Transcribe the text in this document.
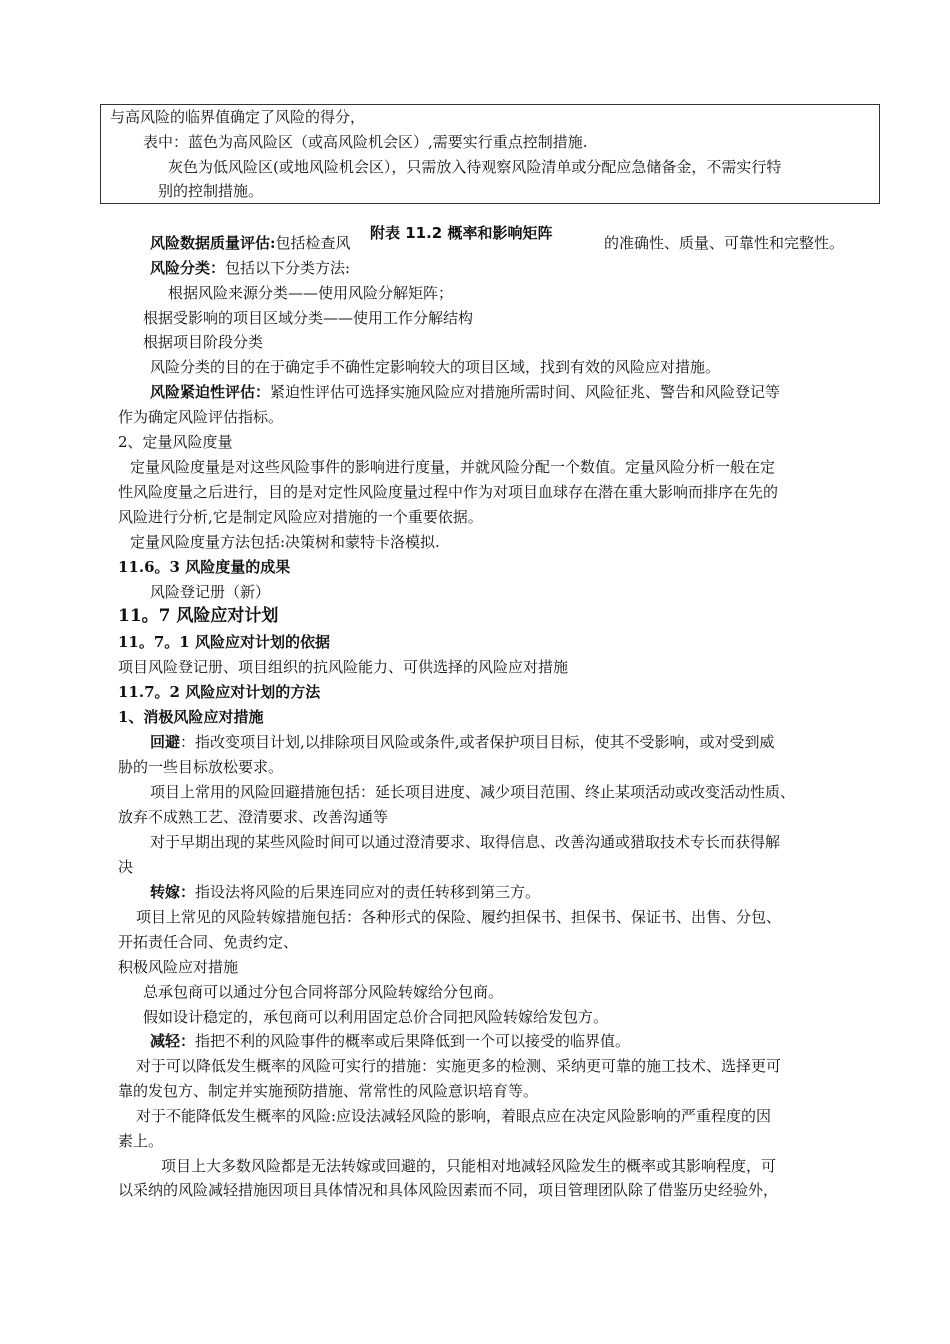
与高风险的临界值确定了风险的得分，
表中：蓝色为高风险区（或高风险机会区）,需要实行重点控制措施.
灰色为低风险区(或地风险机会区），只需放入待观察风险清单或分配应急储备金，不需实行特
别的控制措施。
风险数据质量评估:包括检查风	的准确性、质量、可靠性和完整性。
附表 11.2 概率和影响矩阵
风险分类：包括以下分类方法:
根据风险来源分类——使用风险分解矩阵；
根据受影响的项目区域分类——使用工作分解结构
根据项目阶段分类
风险分类的目的在于确定手不确性定影响较大的项目区域，找到有效的风险应对措施。
风险紧迫性评估：紧迫性评估可选择实施风险应对措施所需时间、风险征兆、警告和风险登记等
作为确定风险评估指标。
2、定量风险度量
定量风险度量是对这些风险事件的影响进行度量，并就风险分配一个数值。定量风险分析一般在定
性风险度量之后进行，目的是对定性风险度量过程中作为对项目血球存在潜在重大影响而排序在先的
风险进行分析,它是制定风险应对措施的一个重要依据。
定量风险度量方法包括:决策树和蒙特卡洛模拟.
11.6。3 风险度量的成果
风险登记册（新）
11。7 风险应对计划
11。7。1 风险应对计划的依据
项目风险登记册、项目组织的抗风险能力、可供选择的风险应对措施
11.7。2 风险应对计划的方法
1、消极风险应对措施
回避：指改变项目计划,以排除项目风险或条件,或者保护项目目标，使其不受影响，或对受到威
胁的一些目标放松要求。
项目上常用的风险回避措施包括：延长项目进度、减少项目范围、终止某项活动或改变活动性质、
放弃不成熟工艺、澄清要求、改善沟通等
对于早期出现的某些风险时间可以通过澄清要求、取得信息、改善沟通或猎取技术专长而获得解
决
转嫁：指设法将风险的后果连同应对的责任转移到第三方。
项目上常见的风险转嫁措施包括：各种形式的保险、履约担保书、担保书、保证书、出售、分包、
开拓责任合同、免责约定、
积极风险应对措施
总承包商可以通过分包合同将部分风险转嫁给分包商。
假如设计稳定的，承包商可以利用固定总价合同把风险转嫁给发包方。
减轻：指把不利的风险事件的概率或后果降低到一个可以接受的临界值。
对于可以降低发生概率的风险可实行的措施：实施更多的检测、采纳更可靠的施工技术、选择更可
靠的发包方、制定并实施预防措施、常常性的风险意识培育等。
对于不能降低发生概率的风险:应设法减轻风险的影响，着眼点应在决定风险影响的严重程度的因
素上。
项目上大多数风险都是无法转嫁或回避的，只能相对地减轻风险发生的概率或其影响程度，可
以采纳的风险减轻措施因项目具体情况和具体风险因素而不同，项目管理团队除了借鉴历史经验外，
